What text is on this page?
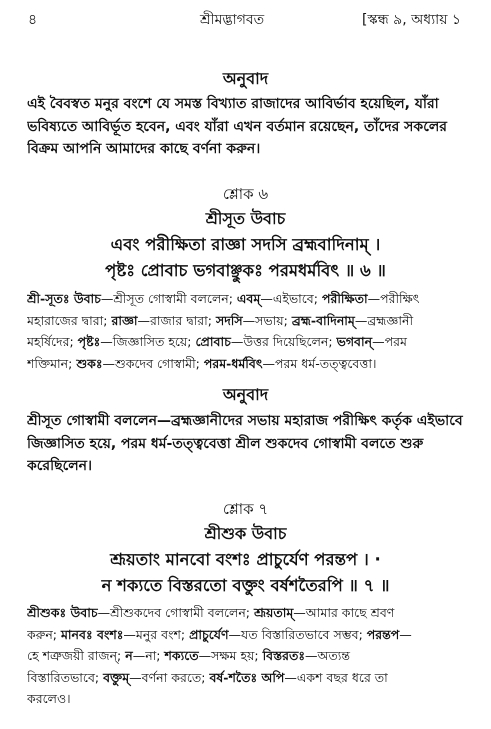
৪	শ্রীমদ্ভাগবত	[স্কন্ধ ৯, অধ্যায় ১
অনুবাদ
এই বৈবস্বত মনুর বংশে যে সমস্ত বিখ্যাত রাজাদের আবির্ভাব হয়েছিল, যাঁরা
ভবিষ্যতে আবির্ভূত হবেন, এবং যাঁরা এখন বর্তমান রয়েছেন, তাঁদের সকলের
বিক্রম আপনি আমাদের কাছে বর্ণনা করুন।
শ্লোক ৬
শ্রীসূত উবাচ
এবং পরীক্ষিতা রাজ্ঞা সদসি ব্রহ্মবাদিনাম্ ।
পৃষ্টঃ প্রোবাচ ভগবাঞ্ছুকঃ পরমধর্মবিৎ ॥ ৬ ॥
শ্রী-সূতঃ উবাচ—শ্রীসূত গোস্বামী বললেন; এবম্—এইভাবে; পরীক্ষিতা—পরীক্ষিৎ
মহারাজের দ্বারা; রাজ্ঞা—রাজার দ্বারা; সদসি—সভায়; ব্রহ্ম-বাদিনাম্—ব্রহ্মজ্ঞানী
মহর্ষিদের; পৃষ্টঃ—জিজ্ঞাসিত হয়ে; প্রোবাচ—উত্তর দিয়েছিলেন; ভগবান্—পরম
শক্তিমান; শুকঃ—শুকদেব গোস্বামী; পরম-ধর্মবিৎ—পরম ধর্ম-তত্ত্ববেত্তা।
অনুবাদ
শ্রীসূত গোস্বামী বললেন—ব্রহ্মজ্ঞানীদের সভায় মহারাজ পরীক্ষিৎ কর্তৃক এইভাবে
জিজ্ঞাসিত হয়ে, পরম ধর্ম-তত্ত্ববেত্তা শ্রীল শুকদেব গোস্বামী বলতে শুরু
করেছিলেন।
শ্লোক ৭
শ্রীশুক উবাচ
শ্রূয়তাং মানবো বংশঃ প্রাচুর্যেণ পরন্তপ । ·
ন শক্যতে বিস্তরতো বক্তুং বর্ষশতৈরপি ॥ ৭ ॥
শ্রীশুকঃ উবাচ—শ্রীশুকদেব গোস্বামী বললেন; শ্রূয়তাম্—আমার কাছে শ্রবণ
করুন; মানবঃ বংশঃ—মনুর বংশ; প্রাচুর্যেণ—যত বিস্তারিতভাবে সম্ভব; পরন্তপ—
হে শত্রুজয়ী রাজন্; ন—না; শক্যতে—সক্ষম হয়; বিস্তরতঃ—অত্যন্ত
বিস্তারিতভাবে; বক্তুম্—বর্ণনা করতে; বর্ষ-শতৈঃ অপি—একশ বছর ধরে তা
করলেও।
